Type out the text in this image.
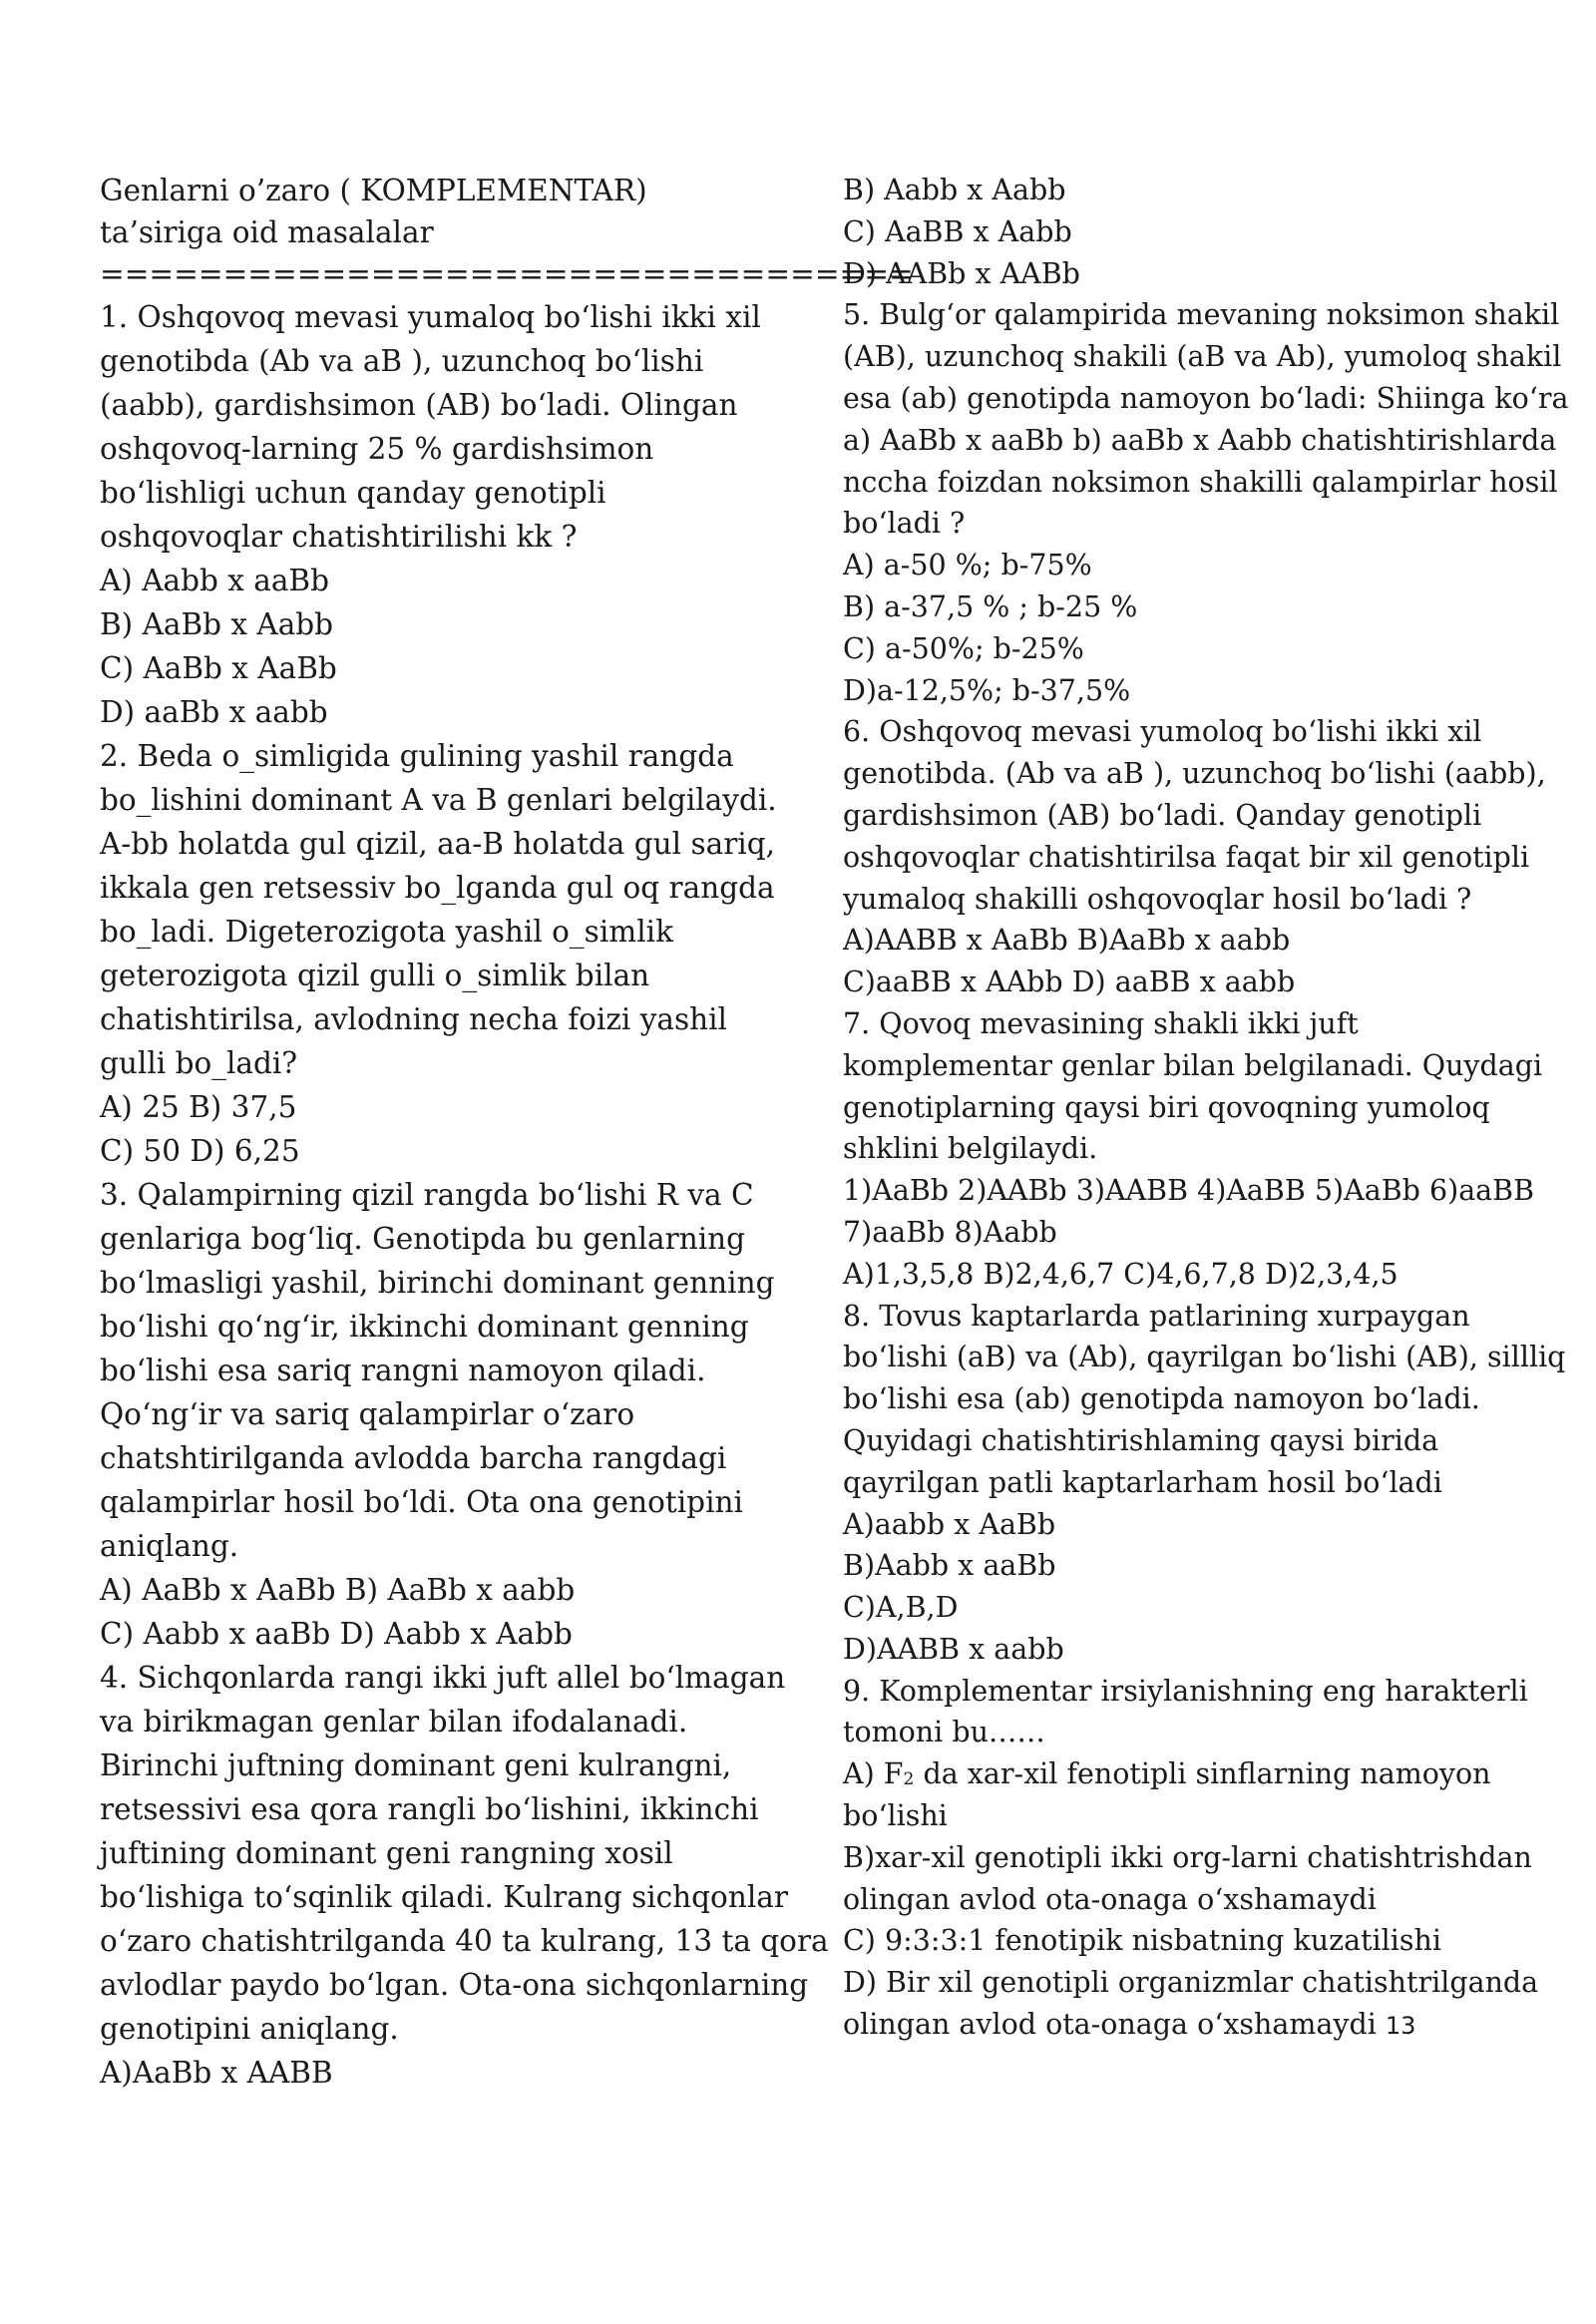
Genlarni o’zaro ( KOMPLEMENTAR)
ta’siriga oid masalalar
=================================
1. Oshqovoq mevasi yumaloq boʻlishi ikki xil
genotibda (Ab va aB ), uzunchoq boʻlishi
(aabb), gardishsimon (AB) boʻladi. Olingan
oshqovoq-larning 25 % gardishsimon
boʻlishligi uchun qanday genotipli
oshqovoqlar chatishtirilishi kk ?
A) Aabb x aaBb
B) AaBb x Aabb
C) AaBb x AaBb
D) aaBb x aabb
2. Beda o_simligida gulining yashil rangda
bo_lishini dominant A va B genlari belgilaydi.
A-bb holatda gul qizil, aa-B holatda gul sariq,
ikkala gen retsessiv bo_lganda gul oq rangda
bo_ladi. Digeterozigota yashil o_simlik
geterozigota qizil gulli o_simlik bilan
chatishtirilsa, avlodning necha foizi yashil
gulli bo_ladi?
A) 25 B) 37,5
C) 50 D) 6,25
3. Qalampirning qizil rangda boʻlishi R va C
genlariga bogʻliq. Genotipda bu genlarning
boʻlmasligi yashil, birinchi dominant genning
boʻlishi qoʻngʻir, ikkinchi dominant genning
boʻlishi esa sariq rangni namoyon qiladi.
Qoʻngʻir va sariq qalampirlar oʻzaro
chatshtirilganda avlodda barcha rangdagi
qalampirlar hosil boʻldi. Ota ona genotipini
aniqlang.
A) AaBb x AaBb B) AaBb x aabb
C) Aabb x aaBb D) Aabb x Aabb
4. Sichqonlarda rangi ikki juft allel boʻlmagan
va birikmagan genlar bilan ifodalanadi.
Birinchi juftning dominant geni kulrangni,
retsessivi esa qora rangli boʻlishini, ikkinchi
juftining dominant geni rangning xosil
boʻlishiga toʻsqinlik qiladi. Kulrang sichqonlar
oʻzaro chatishtrilganda 40 ta kulrang, 13 ta qora
avlodlar paydo boʻlgan. Ota-ona sichqonlarning
genotipini aniqlang.
A)AaBb x AABB
B) Aabb x Aabb
C) AaBB x Aabb
D) AABb x AABb
5. Bulgʻor qalampirida mevaning noksimon shakil
(AB), uzunchoq shakili (aB va Ab), yumoloq shakil
esa (ab) genotipda namoyon boʻladi: Shiinga koʻra
a) AaBb x aaBb b) aaBb x Aabb chatishtirishlarda
nccha foizdan noksimon shakilli qalampirlar hosil
boʻladi ?
A) a-50 %; b-75%
B) a-37,5 % ; b-25 %
C) a-50%; b-25%
D)a-12,5%; b-37,5%
6. Oshqovoq mevasi yumoloq boʻlishi ikki xil
genotibda. (Ab va aB ), uzunchoq boʻlishi (aabb),
gardishsimon (AB) boʻladi. Qanday genotipli
oshqovoqlar chatishtirilsa faqat bir xil genotipli
yumaloq shakilli oshqovoqlar hosil boʻladi ?
A)AABB x AaBb B)AaBb x aabb
C)aaBB x AAbb D) aaBB x aabb
7. Qovoq mevasining shakli ikki juft
komplementar genlar bilan belgilanadi. Quydagi
genotiplarning qaysi biri qovoqning yumoloq
shklini belgilaydi.
1)AaBb 2)AABb 3)AABB 4)AaBB 5)AaBb 6)aaBB
7)aaBb 8)Aabb
A)1,3,5,8 B)2,4,6,7 C)4,6,7,8 D)2,3,4,5
8. Tovus kaptarlarda patlarining xurpaygan
boʻlishi (aB) va (Ab), qayrilgan boʻlishi (AB), sillliq
boʻlishi esa (ab) genotipda namoyon boʻladi.
Quyidagi chatishtirishlaming qaysi birida
qayrilgan patli kaptarlarham hosil boʻladi
A)aabb x AaBb
B)Aabb x aaBb
C)A,B,D
D)AABB x aabb
9. Komplementar irsiylanishning eng harakterli
tomoni bu……
A) $F_2$ da xar-xil fenotipli sinflarning namoyon
boʻlishi
B)xar-xil genotipli ikki org-larni chatishtrishdan
olingan avlod ota-onaga oʻxshamaydi
C) 9:3:3:1 fenotipik nisbatning kuzatilishi
D) Bir xil genotipli organizmlar chatishtrilganda
olingan avlod ota-onaga oʻxshamaydi 13
